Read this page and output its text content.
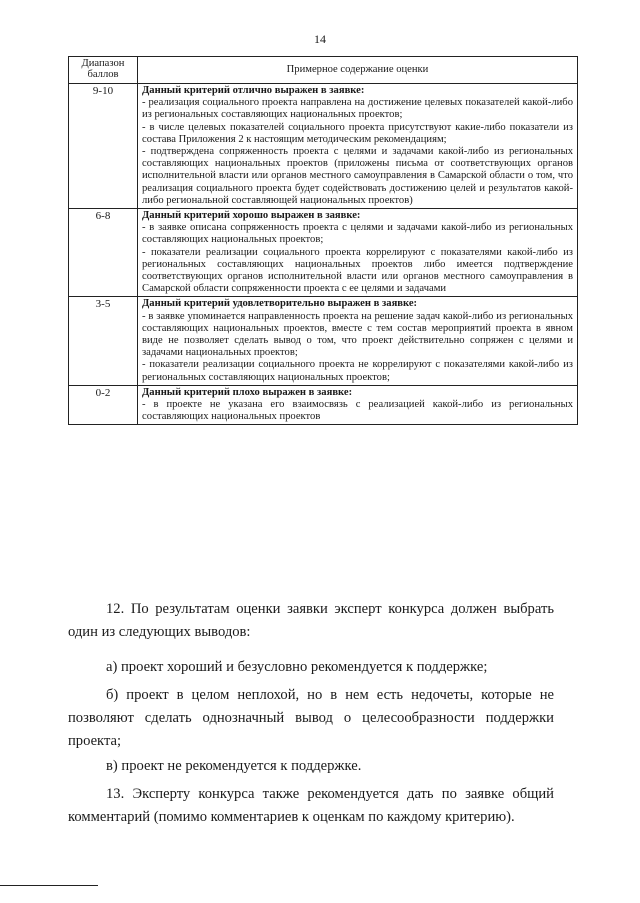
14
Диапазон баллов	Примерное содержание оценки
9-10	Данный критерий отлично выражен в заявке:
- реализация социального проекта направлена на достижение целевых показателей какой-либо из региональных составляющих национальных проектов;
- в числе целевых показателей социального проекта присутствуют какие-либо показатели из состава Приложения 2 к настоящим методическим рекомендациям;
- подтверждена сопряженность проекта с целями и задачами какой-либо из региональных составляющих национальных проектов (приложены письма от соответствующих органов исполнительной власти или органов местного самоуправления в Самарской области о том, что реализация социального проекта будет содействовать достижению целей и результатов какой-либо региональной составляющей национальных проектов)

6-8	Данный критерий хорошо выражен в заявке:
- в заявке описана сопряженность проекта с целями и задачами какой-либо из региональных составляющих национальных проектов;
- показатели реализации социального проекта коррелируют с показателями какой-либо из региональных составляющих национальных проектов либо имеется подтверждение соответствующих органов исполнительной власти или органов местного самоуправления в Самарской области сопряженности проекта с ее целями и задачами

3-5	Данный критерий удовлетворительно выражен в заявке:
- в заявке упоминается направленность проекта на решение задач какой-либо из региональных составляющих национальных проектов, вместе с тем состав мероприятий проекта в явном виде не позволяет сделать вывод о том, что проект действительно сопряжен с целями и задачами национальных проектов;
- показатели реализации социального проекта не коррелируют с показателями какой-либо из региональных составляющих национальных проектов;

0-2	Данный критерий плохо выражен в заявке:
- в проекте не указана его взаимосвязь с реализацией какой-либо из региональных составляющих национальных проектов

12. По результатам оценки заявки эксперт конкурса должен выбрать один из следующих выводов:

а) проект хороший и безусловно рекомендуется к поддержке;

б) проект в целом неплохой, но в нем есть недочеты, которые не позволяют сделать однозначный вывод о целесообразности поддержки проекта;

в) проект не рекомендуется к поддержке.

13. Эксперту конкурса также рекомендуется дать по заявке общий комментарий (помимо комментариев к оценкам по каждому критерию).
